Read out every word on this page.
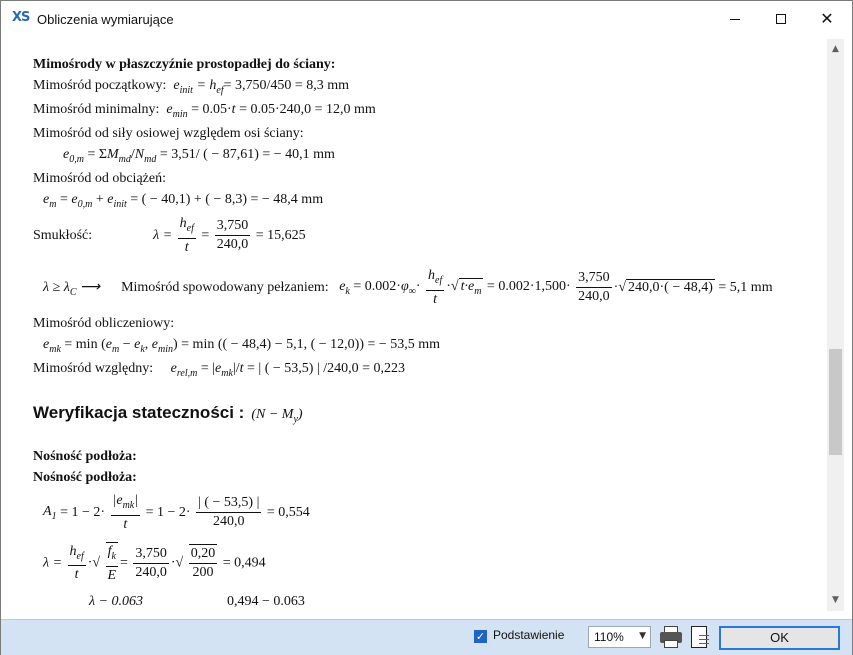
XS Obliczenia wymiarujące	✕
Mimośrody w płaszczyźnie prostopadłej do ściany:
Mimośród początkowy:  $e_{init} = h_{ef}= 3,750/450 = 8,3$ mm
Mimośród minimalny:  $e_{min} = 0.05\cdot t = 0.05\cdot 240,0 = 12,0$ mm
Mimośród od siły osiowej względem osi ściany:
$e_{0,m} = \Sigma M_{md}/N_{md} = 3,51/$ ( − 87,61) = − 40,1 mm
Mimośród od obciążeń:
$e_m = e_{0,m} + e_{init}$ = ( − 40,1) + ( − 8,3) = − 48,4 mm
Smukłość:	$\lambda = \frac{h_{ef}}{t} = \frac{3,750}{240,0} = 15,625$
$\lambda \ge \lambda_C$ ⟶ Mimośród spowodowany pełzaniem:   $e_k = 0.002\cdot\varphi_\infty\cdot \frac{h_{ef}}{t}$ ·√ $t\cdot e_m = 0.002\cdot 1,500\cdot \frac{3,750}{240,0}$ ·√ 240,0·( − 48,4) = 5,1 mm
Mimośród obliczeniowy:
$e_{mk} = \min (e_m - e_k$, $e_{min}) = \min$ (( − 48,4) − 5,1, ( − 12,0)) = − 53,5 mm
Mimośród względny:     $e_{rel,m} = |e_{mk}|/t$ = | ( − 53,5) | /240,0 = 0,223
Weryfikacja stateczności : $(N - M_y)$
Nośność podłoża:
Nośność podłoża:
$A_1 = 1 - 2\cdot \frac{|e_{mk}|}{t} = 1 - 2\cdot \frac{| ( - 53,5) |}{240,0} = 0,554$
$\lambda = \frac{h_{ef}}{t}$ ·√ $\frac{f_k}{E} = \frac{3,750}{240,0}$ ·√ $\frac{0,20}{200} = 0,494$
λ − 0.063	0,494 − 0.063
▲
▼
✓ Podstawienie	110% ▼	OK
